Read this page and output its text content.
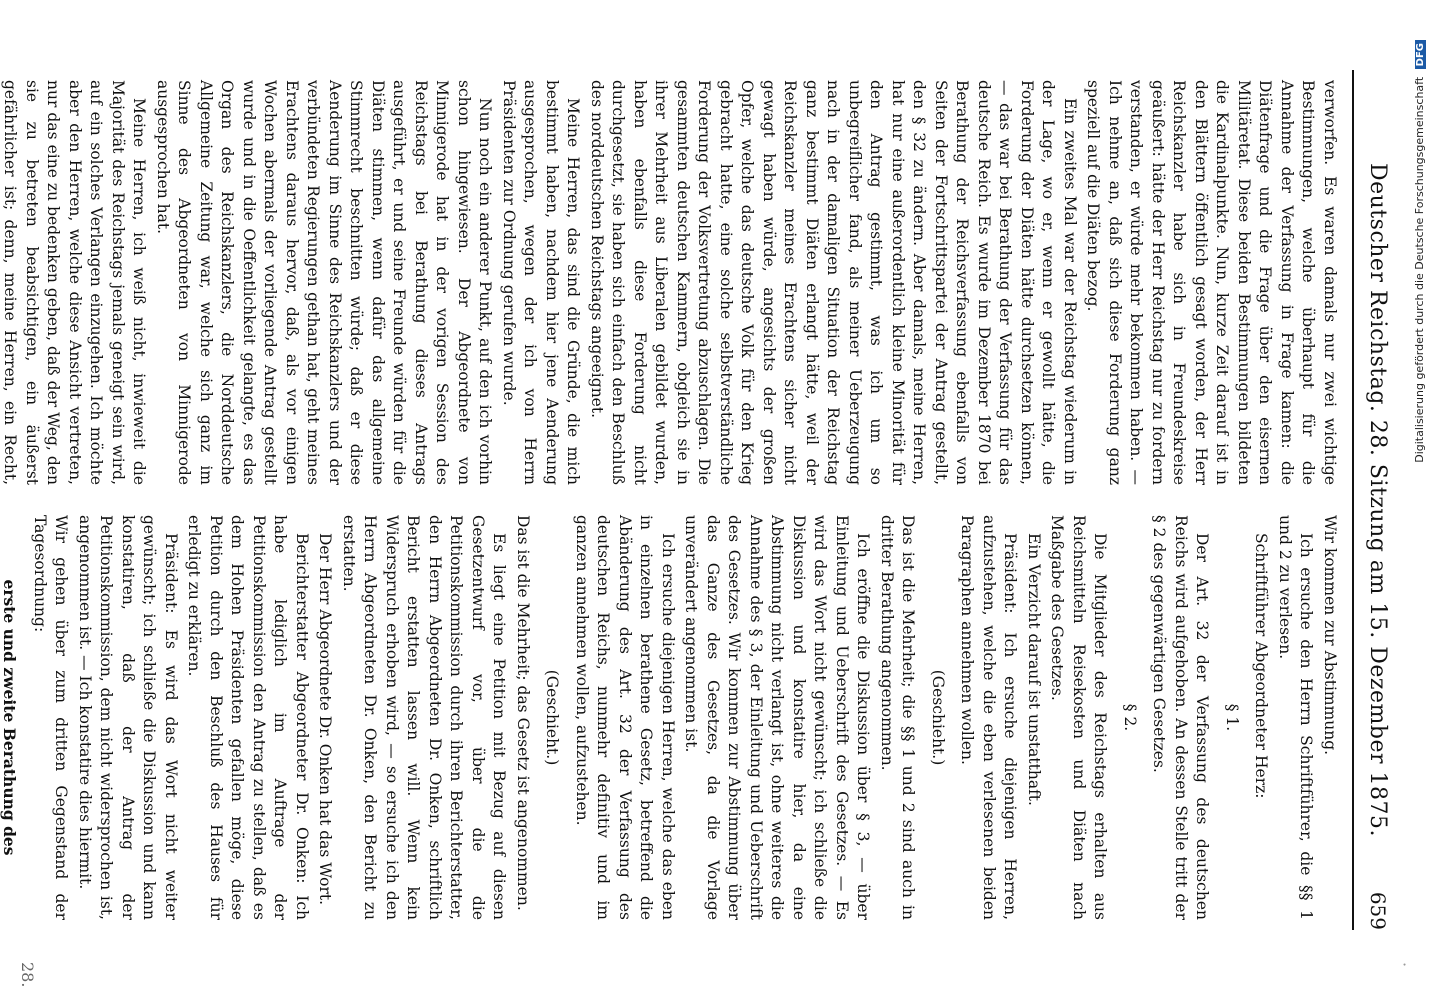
·
28.
Deutscher Reichstag. 28. Sitzung am 15. Dezember 1875.
659

verworfen. Es waren damals nur zwei wichtige Bestimmungen, welche überhaupt für die Annahme der Verfassung in Frage kamen: die Diätenfrage und die Frage über den eisernen Militäretat. Diese beiden Bestimmungen bildeten die Kardinalpunkte. Nun, kurze Zeit darauf ist in den Blättern öffentlich gesagt worden, der Herr Reichskanzler habe sich in Freundeskreise geäußert: hätte der Herr Reichstag nur zu fordern verstanden, er würde mehr bekommen haben. — Ich nehme an, daß sich diese Forderung ganz speziell auf die Diäten bezog.

Ein zweites Mal war der Reichstag wiederum in der Lage, wo er, wenn er gewollt hätte, die Forderung der Diäten hätte durchsetzen können, — das war bei Berathung der Verfassung für das deutsche Reich. Es wurde im Dezember 1870 bei Berathung der Reichsverfassung ebenfalls von Seiten der Fortschrittspartei der Antrag gestellt, den § 32 zu ändern. Aber damals, meine Herren, hat nur eine außerordentlich kleine Minorität für den Antrag gestimmt, was ich um so unbegreiflicher fand, als meiner Ueberzeugung nach in der damaligen Situation der Reichstag ganz bestimmt Diäten erlangt hätte, weil der Reichskanzler meines Erachtens sicher nicht gewagt haben würde, angesichts der großen Opfer, welche das deutsche Volk für den Krieg gebracht hatte, eine solche selbstverständliche Forderung der Volksvertretung abzuschlagen. Die gesammten deutschen Kammern, obgleich sie in ihrer Mehrheit aus Liberalen gebildet wurden, haben ebenfalls diese Forderung nicht durchgesetzt, sie haben sich einfach den Beschluß des norddeutschen Reichstags angeeignet.

Meine Herren, das sind die Gründe, die mich bestimmt haben, nachdem hier jene Aenderung ausgesprochen, wegen der ich von Herrn Präsidenten zur Ordnung gerufen wurde.

Nun noch ein anderer Punkt, auf den ich vorhin schon hingewiesen. Der Abgeordnete von Minnigerode hat in der vorigen Session des Reichstags bei Berathung dieses Antrags ausgeführt, er und seine Freunde würden für die Diäten stimmen, wenn dafür das allgemeine Stimmrecht beschnitten würde; daß er diese Aenderung im Sinne des Reichskanzlers und der verbündeten Regierungen gethan hat, geht meines Erachtens daraus hervor, daß, als vor einigen Wochen abermals der vorliegende Antrag gestellt wurde und in die Oeffentlichkeit gelangte, es das Organ des Reichskanzlers, die Norddeutsche Allgemeine Zeitung war, welche sich ganz im Sinne des Abgeordneten von Minnigerode ausgesprochen hat.

Meine Herren, ich weiß nicht, inwieweit die Majorität des Reichstags jemals geneigt sein wird, auf ein solches Verlangen einzugehen. Ich möchte aber den Herren, welche diese Ansicht vertreten, nur das eine zu bedenken geben, daß der Weg, den sie zu betreten beabsichtigen, ein äußerst gefährlicher ist; denn, meine Herren, ein Recht,

Wir kommen zur Abstimmung.

Ich ersuche den Herrn Schriftführer, die §§ 1 und 2 zu verlesen.

Schriftführer Abgeordneter Herz:

§ 1.

Der Art. 32 der Verfassung des deutschen Reichs wird aufgehoben. An dessen Stelle tritt der § 2 des gegenwärtigen Gesetzes.

§ 2.

Die Mitglieder des Reichstags erhalten aus Reichsmitteln Reisekosten und Diäten nach Maßgabe des Gesetzes.

Ein Verzicht darauf ist unstatthaft.

Präsident: Ich ersuche diejenigen Herren, aufzustehen, welche die eben verlesenen beiden Paragraphen annehmen wollen.

(Geschieht.)

Das ist die Mehrheit; die §§ 1 und 2 sind auch in dritter Berathung angenommen.

Ich eröffne die Diskussion über § 3, — über Einleitung und Ueberschrift des Gesetzes. — Es wird das Wort nicht gewünscht; ich schließe die Diskussion und konstatire hier, da eine Abstimmung nicht verlangt ist, ohne weiteres die Annahme des § 3, der Einleitung und Ueberschrift des Gesetzes. Wir kommen zur Abstimmung über das Ganze des Gesetzes, da die Vorlage unverändert angenommen ist.

Ich ersuche diejenigen Herren, welche das eben in einzelnen berathene Gesetz, betreffend die Abänderung des Art. 32 der Verfassung des deutschen Reichs, nunmehr definitiv und im ganzen annehmen wollen, aufzustehen.

(Geschieht.)

Das ist die Mehrheit; das Gesetz ist angenommen.

Es liegt eine Petition mit Bezug auf diesen Gesetzentwurf vor, über die die Petitionskommission durch ihren Berichterstatter, den Herrn Abgeordneten Dr. Onken, schriftlich Bericht erstatten lassen will. Wenn kein Widerspruch erhoben wird, — so ersuche ich den Herrn Abgeordneten Dr. Onken, den Bericht zu erstatten.

Der Herr Abgeordnete Dr. Onken hat das Wort.

Berichterstatter Abgeordneter Dr. Onken: Ich habe lediglich im Auftrage der Petitionskommission den Antrag zu stellen, daß es dem Hohen Präsidenten gefallen möge, diese Petition durch den Beschluß des Hauses für erledigt zu erklären.

Präsident: Es wird das Wort nicht weiter gewünscht; ich schließe die Diskussion und kann konstatiren, daß der Antrag der Petitionskommission, dem nicht widersprochen ist, angenommen ist. — Ich konstatire dies hiermit.

Wir gehen über zum dritten Gegenstand der Tagesordnung:

erste und zweite Berathung des

Digitalisierung gefördert durch die Deutsche Forschungsgemeinschaft DFG
